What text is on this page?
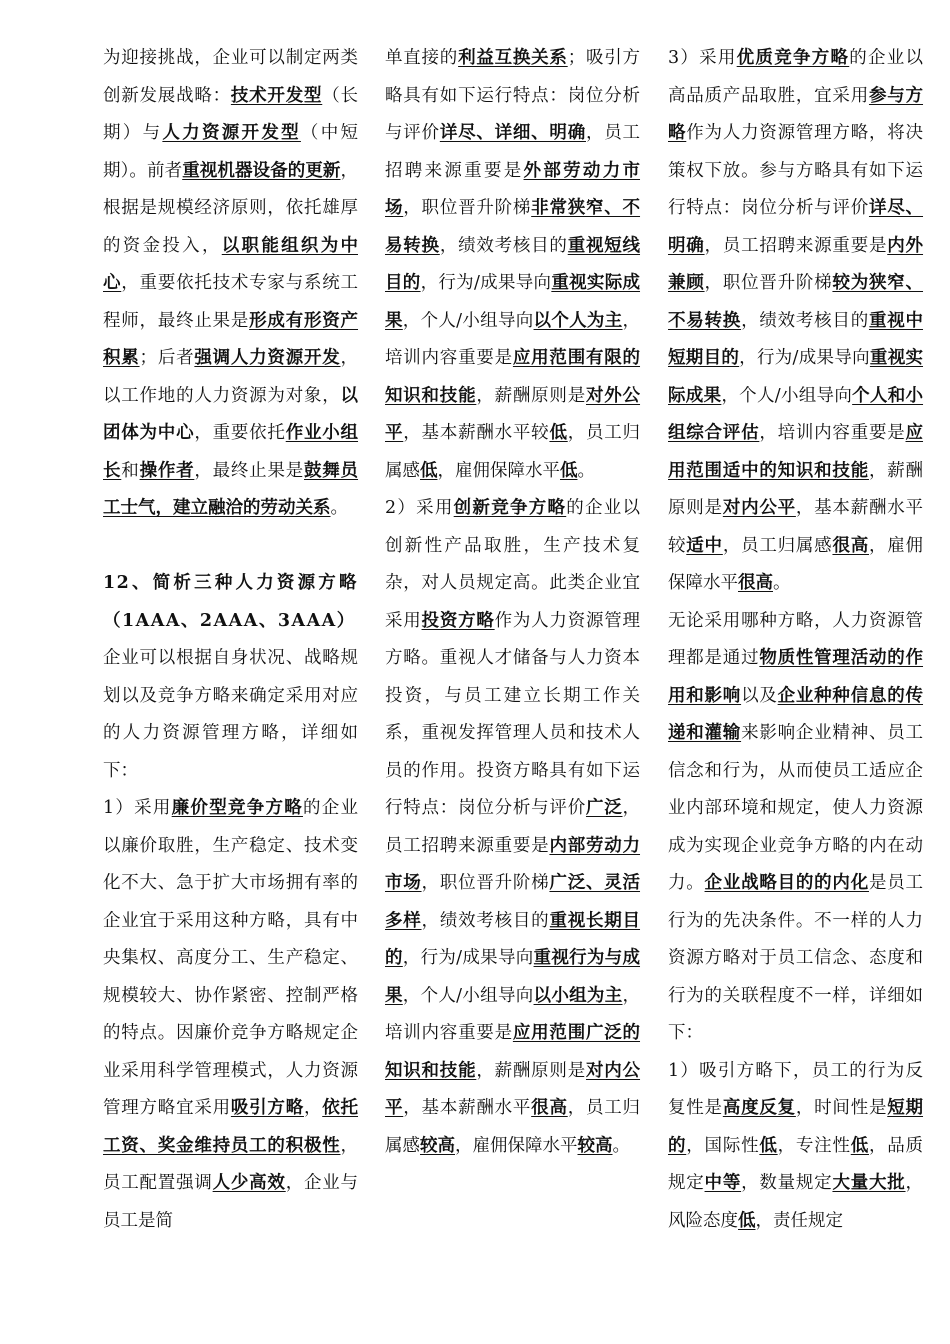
为迎接挑战，企业可以制定两类创新发展战略：技术开发型（长期）与人力资源开发型（中短期）。前者重视机器设备的更新，根据是规模经济原则，依托雄厚的资金投入，以职能组织为中心，重要依托技术专家与系统工程师，最终止果是形成有形资产积累；后者强调人力资源开发，以工作地的人力资源为对象，以团体为中心，重要依托作业小组长和操作者，最终止果是鼓舞员工士气，建立融洽的劳动关系。
12、简析三种人力资源方略（1AAA、2AAA、3AAA）
企业可以根据自身状况、战略规划以及竞争方略来确定采用对应的人力资源管理方略，详细如下：
1）采用廉价型竞争方略的企业以廉价取胜，生产稳定、技术变化不大、急于扩大市场拥有率的企业宜于采用这种方略，具有中央集权、高度分工、生产稳定、规模较大、协作紧密、控制严格的特点。因廉价竞争方略规定企业采用科学管理模式，人力资源管理方略宜采用吸引方略，依托工资、奖金维持员工的积极性，员工配置强调人少高效，企业与员工是简
单直接的利益互换关系；吸引方略具有如下运行特点：岗位分析与评价详尽、详细、明确，员工招聘来源重要是外部劳动力市场，职位晋升阶梯非常狭窄、不易转换，绩效考核目的重视短线目的，行为/成果导向重视实际成果，个人/小组导向以个人为主，培训内容重要是应用范围有限的知识和技能，薪酬原则是对外公平，基本薪酬水平较低，员工归属感低，雇佣保障水平低。
2）采用创新竞争方略的企业以创新性产品取胜，生产技术复杂，对人员规定高。此类企业宜采用投资方略作为人力资源管理方略。重视人才储备与人力资本投资，与员工建立长期工作关系，重视发挥管理人员和技术人员的作用。投资方略具有如下运行特点：岗位分析与评价广泛，员工招聘来源重要是内部劳动力市场，职位晋升阶梯广泛、灵活多样，绩效考核目的重视长期目的，行为/成果导向重视行为与成果，个人/小组导向以小组为主，培训内容重要是应用范围广泛的知识和技能，薪酬原则是对内公平，基本薪酬水平很高，员工归属感较高，雇佣保障水平较高。
3）采用优质竞争方略的企业以高品质产品取胜，宜采用参与方略作为人力资源管理方略，将决策权下放。参与方略具有如下运行特点：岗位分析与评价详尽、明确，员工招聘来源重要是内外兼顾，职位晋升阶梯较为狭窄、不易转换，绩效考核目的重视中短期目的，行为/成果导向重视实际成果，个人/小组导向个人和小组综合评估，培训内容重要是应用范围适中的知识和技能，薪酬原则是对内公平，基本薪酬水平较适中，员工归属感很高，雇佣保障水平很高。
无论采用哪种方略，人力资源管理都是通过物质性管理活动的作用和影响以及企业种种信息的传递和灌输来影响企业精神、员工信念和行为，从而使员工适应企业内部环境和规定，使人力资源成为实现企业竞争方略的内在动力。企业战略目的的内化是员工行为的先决条件。不一样的人力资源方略对于员工信念、态度和行为的关联程度不一样，详细如下：
1）吸引方略下，员工的行为反复性是高度反复，时间性是短期的，国际性低，专注性低，品质规定中等，数量规定大量大批，风险态度低，责任规定
